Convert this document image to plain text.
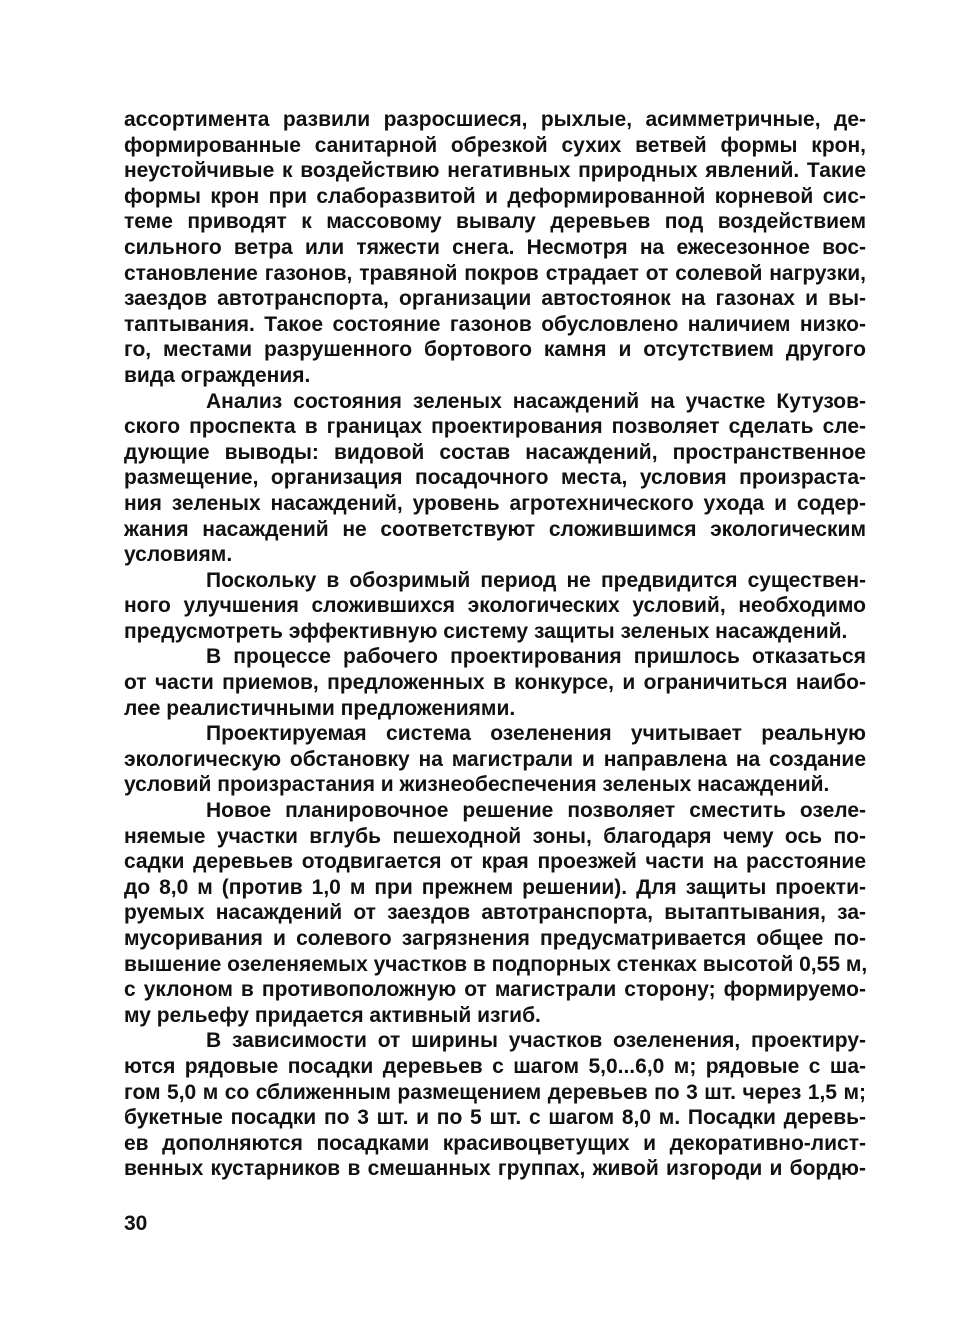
ассортимента развили разросшиеся, рыхлые, асимметричные, де-
формированные санитарной обрезкой сухих ветвей формы крон,
неустойчивые к воздействию негативных природных явлений. Такие
формы крон при слаборазвитой и деформированной корневой сис-
теме приводят к массовому вывалу деревьев под воздействием
сильного ветра или тяжести снега. Несмотря на ежесезонное вос-
становление газонов, травяной покров страдает от солевой нагрузки,
заездов автотранспорта, организации автостоянок на газонах и вы-
таптывания. Такое состояние газонов обусловлено наличием низко-
го, местами разрушенного бортового камня и отсутствием другого
вида ограждения.
Анализ состояния зеленых насаждений на участке Кутузов-
ского проспекта в границах проектирования позволяет сделать сле-
дующие выводы: видовой состав насаждений, пространственное
размещение, организация посадочного места, условия произраста-
ния зеленых насаждений, уровень агротехнического ухода и содер-
жания насаждений не соответствуют сложившимся экологическим
условиям.
Поскольку в обозримый период не предвидится существен-
ного улучшения сложившихся экологических условий, необходимо
предусмотреть эффективную систему защиты зеленых насаждений.
В процессе рабочего проектирования пришлось отказаться
от части приемов, предложенных в конкурсе, и ограничиться наибо-
лее реалистичными предложениями.
Проектируемая система озеленения учитывает реальную
экологическую обстановку на магистрали и направлена на создание
условий произрастания и жизнеобеспечения зеленых насаждений.
Новое планировочное решение позволяет сместить озеле-
няемые участки вглубь пешеходной зоны, благодаря чему ось по-
садки деревьев отодвигается от края проезжей части на расстояние
до 8,0 м (против 1,0 м при прежнем решении). Для защиты проекти-
руемых насаждений от заездов автотранспорта, вытаптывания, за-
мусоривания и солевого загрязнения предусматривается общее по-
вышение озеленяемых участков в подпорных стенках высотой 0,55 м,
с уклоном в противоположную от магистрали сторону; формируемо-
му рельефу придается активный изгиб.
В зависимости от ширины участков озеленения, проектиру-
ются рядовые посадки деревьев с шагом 5,0...6,0 м; рядовые с ша-
гом 5,0 м со сближенным размещением деревьев по 3 шт. через 1,5 м;
букетные посадки по 3 шт. и по 5 шт. с шагом 8,0 м. Посадки деревь-
ев дополняются посадками красивоцветущих и декоративно-лист-
венных кустарников в смешанных группах, живой изгороди и бордю-
30
